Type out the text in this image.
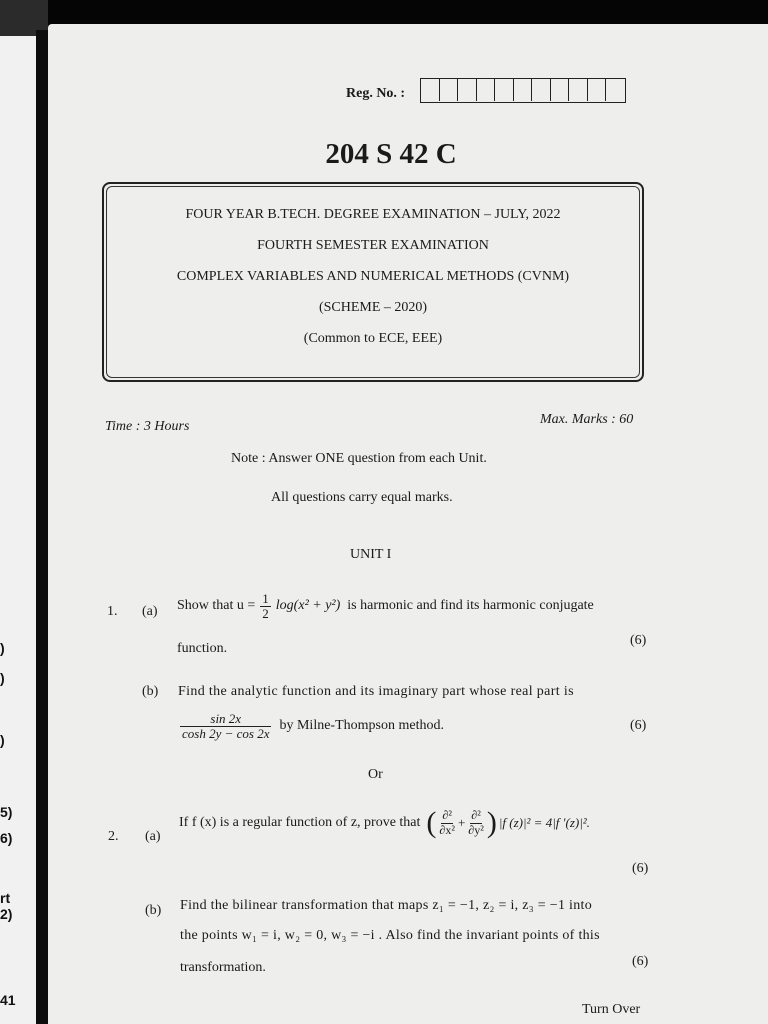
)
)
)
5)
6)
rt
2)
41
Reg. No. :
204 S 42 C
FOUR YEAR B.TECH. DEGREE EXAMINATION – JULY, 2022
FOURTH SEMESTER EXAMINATION
COMPLEX VARIABLES AND NUMERICAL METHODS (CVNM)
(SCHEME – 2020)
(Common to ECE, EEE)
Time : 3 Hours	Max. Marks : 60
Note : Answer ONE question from each Unit.
All questions carry equal marks.
UNIT I
1. (a) Show that $u = \frac{1}{2} \log(x^2 + y^2)$ is harmonic and find its harmonic conjugate
(6)
function.
(b) Find the analytic function and its imaginary part whose real part is
$\frac{\sin 2x}{\cosh 2y - \cos 2x}$ by Milne-Thompson method.	(6)
Or
2. (a)
If f (x) is a regular function of z, prove that ( $\frac{\text{∂²}}{\text{∂x²}} + \frac{\text{∂²}}{\text{∂y²}}$ ) |f (z)|² = 4|f ′(z)|².
(6)
(b) Find the bilinear transformation that maps z₁ = −1, z₂ = i, z₃ = −1 into
the points w₁ = i, w₂ = 0, w₃ = −i . Also find the invariant points of this
transformation.	(6)
Turn Over
